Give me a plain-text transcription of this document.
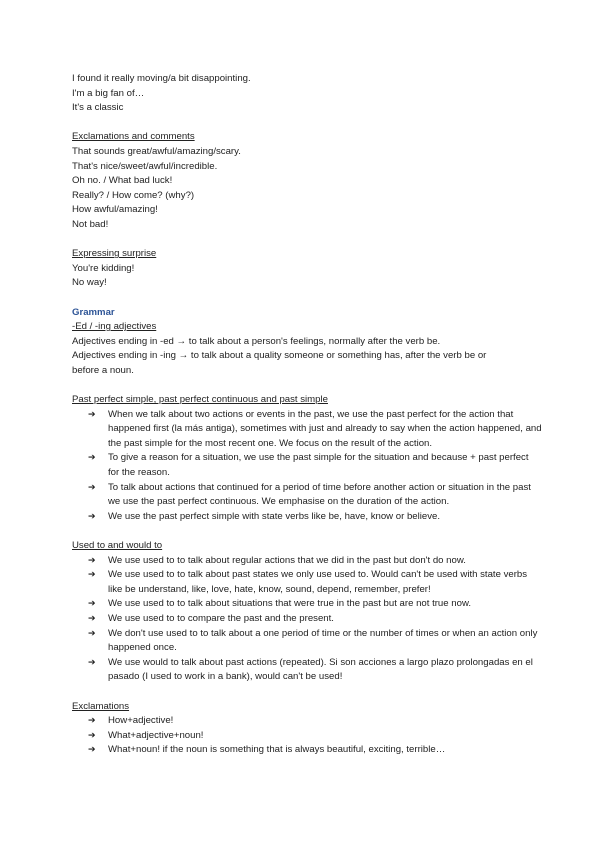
I found it really moving/a bit disappointing.
I'm a big fan of…
It's a classic
Exclamations and comments
That sounds great/awful/amazing/scary.
That's nice/sweet/awful/incredible.
Oh no. / What bad luck!
Really? / How come? (why?)
How awful/amazing!
Not bad!
Expressing surprise
You're kidding!
No way!
Grammar
-Ed / -ing adjectives
Adjectives ending in -ed → to talk about a person's feelings, normally after the verb be.
Adjectives ending in -ing → to talk about a quality someone or something has, after the verb be or
before a noun.
Past perfect simple, past perfect continuous and past simple
➔	When we talk about two actions or events in the past, we use the past perfect for the action that happened first (la más antiga), sometimes with just and already to say when the action happened, and the past simple for the most recent one. We focus on the result of the action.
➔	To give a reason for a situation, we use the past simple for the situation and because + past perfect for the reason.
➔	To talk about actions that continued for a period of time before another action or situation in the past we use the past perfect continuous. We emphasise on the duration of the action.
➔	We use the past perfect simple with state verbs like be, have, know or believe.
Used to and would to
➔	We use used to to talk about regular actions that we did in the past but don't do now.
➔	We use used to to talk about past states we only use used to. Would can't be used with state verbs like be understand, like, love, hate, know, sound, depend, remember, prefer!
➔	We use used to to talk about situations that were true in the past but are not true now.
➔	We use used to to compare the past and the present.
➔	We don't use used to to talk about a one period of time or the number of times or when an action only happened once.
➔	We use would to talk about past actions (repeated). Si son acciones a largo plazo prolongadas en el pasado (I used to work in a bank), would can't be used!
Exclamations
➔	How+adjective!
➔	What+adjective+noun!
➔	What+noun! if the noun is something that is always beautiful, exciting, terrible…
